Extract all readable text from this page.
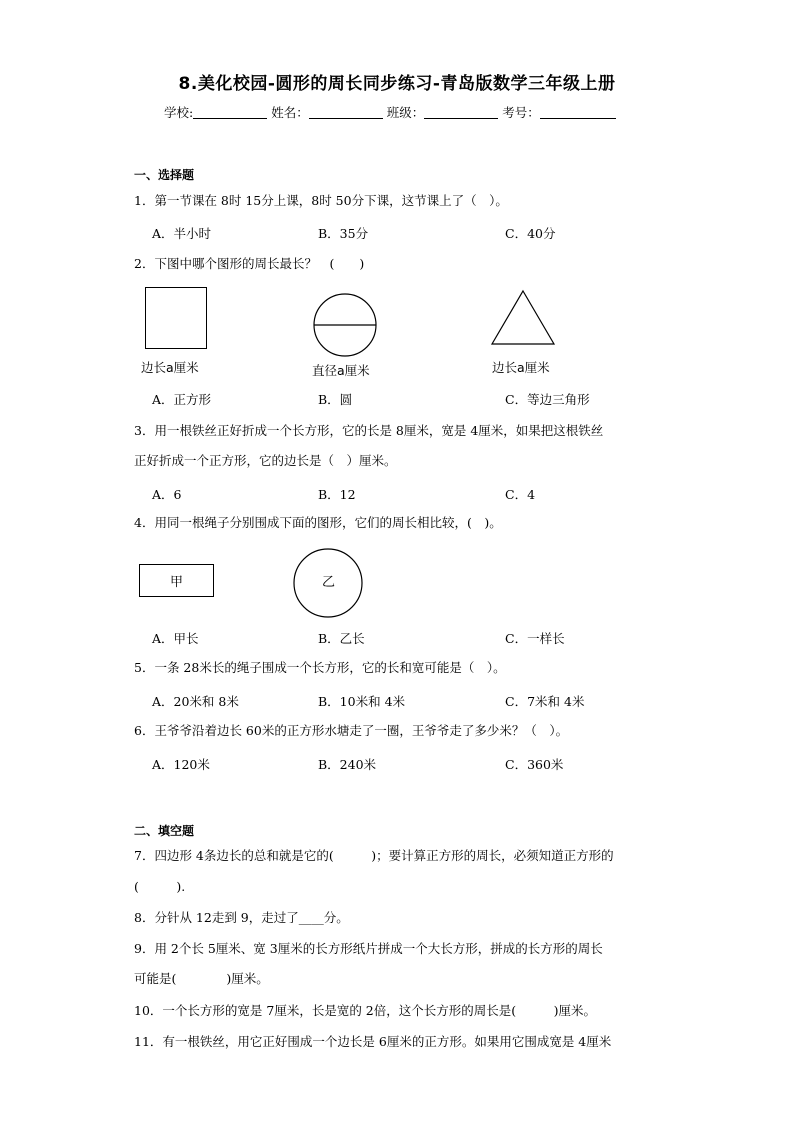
8.美化校园-圆形的周长同步练习-青岛版数学三年级上册
学校:	姓名：	班级：	考号：
一、选择题
1．第一节课在 8时 15分上课，8时 50分下课，这节课上了（　）。
A．半小时	B．35分	C．40分
2．下图中哪个图形的周长最长？　(　　)
边长a厘米	直径a厘米	边长a厘米
A．正方形	B．圆	C．等边三角形
3．用一根铁丝正好折成一个长方形，它的长是 8厘米，宽是 4厘米，如果把这根铁丝
正好折成一个正方形，它的边长是（　）厘米。
A．6	B．12	C．4
4．用同一根绳子分别围成下面的图形，它们的周长相比较，(　)。
甲	乙
A．甲长	B．乙长	C．一样长
5．一条 28米长的绳子围成一个长方形，它的长和宽可能是（　）。
A．20米和 8米	B．10米和 4米	C．7米和 4米
6．王爷爷沿着边长 60米的正方形水塘走了一圈，王爷爷走了多少米？（　）。
A．120米	B．240米	C．360米
二、填空题
7．四边形 4条边长的总和就是它的(　　　)；要计算正方形的周长，必须知道正方形的
(　　　).
8．分针从 12走到 9，走过了____分。
9．用 2个长 5厘米、宽 3厘米的长方形纸片拼成一个大长方形，拼成的长方形的周长
可能是(　　　　)厘米。
10．一个长方形的宽是 7厘米，长是宽的 2倍，这个长方形的周长是(　　　)厘米。
11．有一根铁丝，用它正好围成一个边长是 6厘米的正方形。如果用它围成宽是 4厘米
